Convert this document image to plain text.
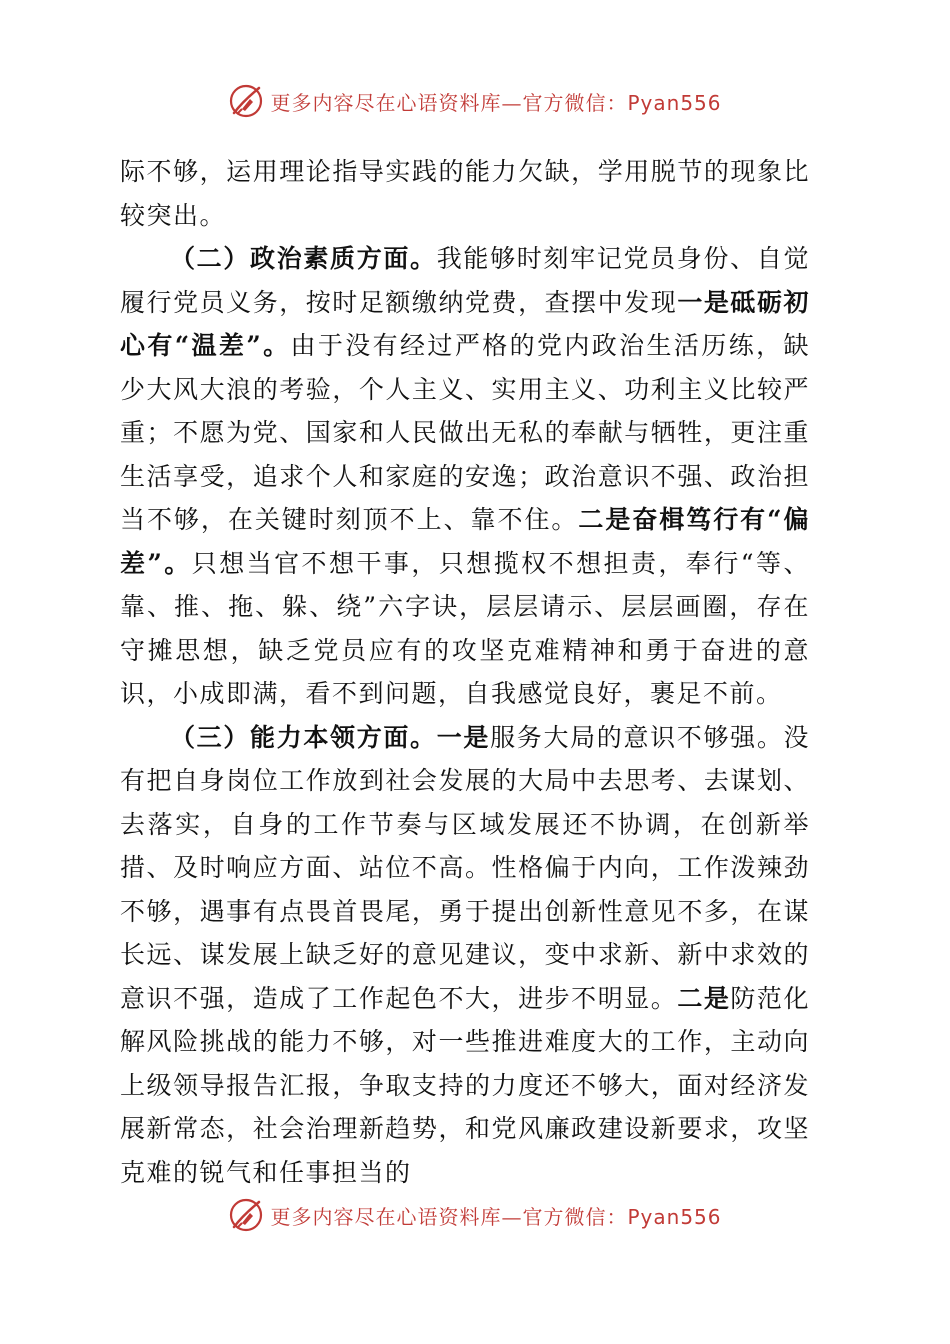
更多内容尽在心语资料库—官方微信：Pyan556

际不够，运用理论指导实践的能力欠缺，学用脱节的现象比较突出。

（二）政治素质方面。我能够时刻牢记党员身份、自觉履行党员义务，按时足额缴纳党费，查摆中发现一是砥砺初心有“温差”。由于没有经过严格的党内政治生活历练，缺少大风大浪的考验，个人主义、实用主义、功利主义比较严重；不愿为党、国家和人民做出无私的奉献与牺牲，更注重生活享受，追求个人和家庭的安逸；政治意识不强、政治担当不够，在关键时刻顶不上、靠不住。二是奋楫笃行有“偏差”。只想当官不想干事，只想揽权不想担责，奉行“等、靠、推、拖、躲、绕”六字诀，层层请示、层层画圈，存在守摊思想，缺乏党员应有的攻坚克难精神和勇于奋进的意识，小成即满，看不到问题，自我感觉良好，裹足不前。

（三）能力本领方面。一是服务大局的意识不够强。没有把自身岗位工作放到社会发展的大局中去思考、去谋划、去落实，自身的工作节奏与区域发展还不协调，在创新举措、及时响应方面、站位不高。性格偏于内向，工作泼辣劲不够，遇事有点畏首畏尾，勇于提出创新性意见不多，在谋长远、谋发展上缺乏好的意见建议，变中求新、新中求效的意识不强，造成了工作起色不大，进步不明显。二是防范化解风险挑战的能力不够，对一些推进难度大的工作，主动向上级领导报告汇报，争取支持的力度还不够大，面对经济发展新常态，社会治理新趋势，和党风廉政建设新要求，攻坚克难的锐气和任事担当的

更多内容尽在心语资料库—官方微信：Pyan556
